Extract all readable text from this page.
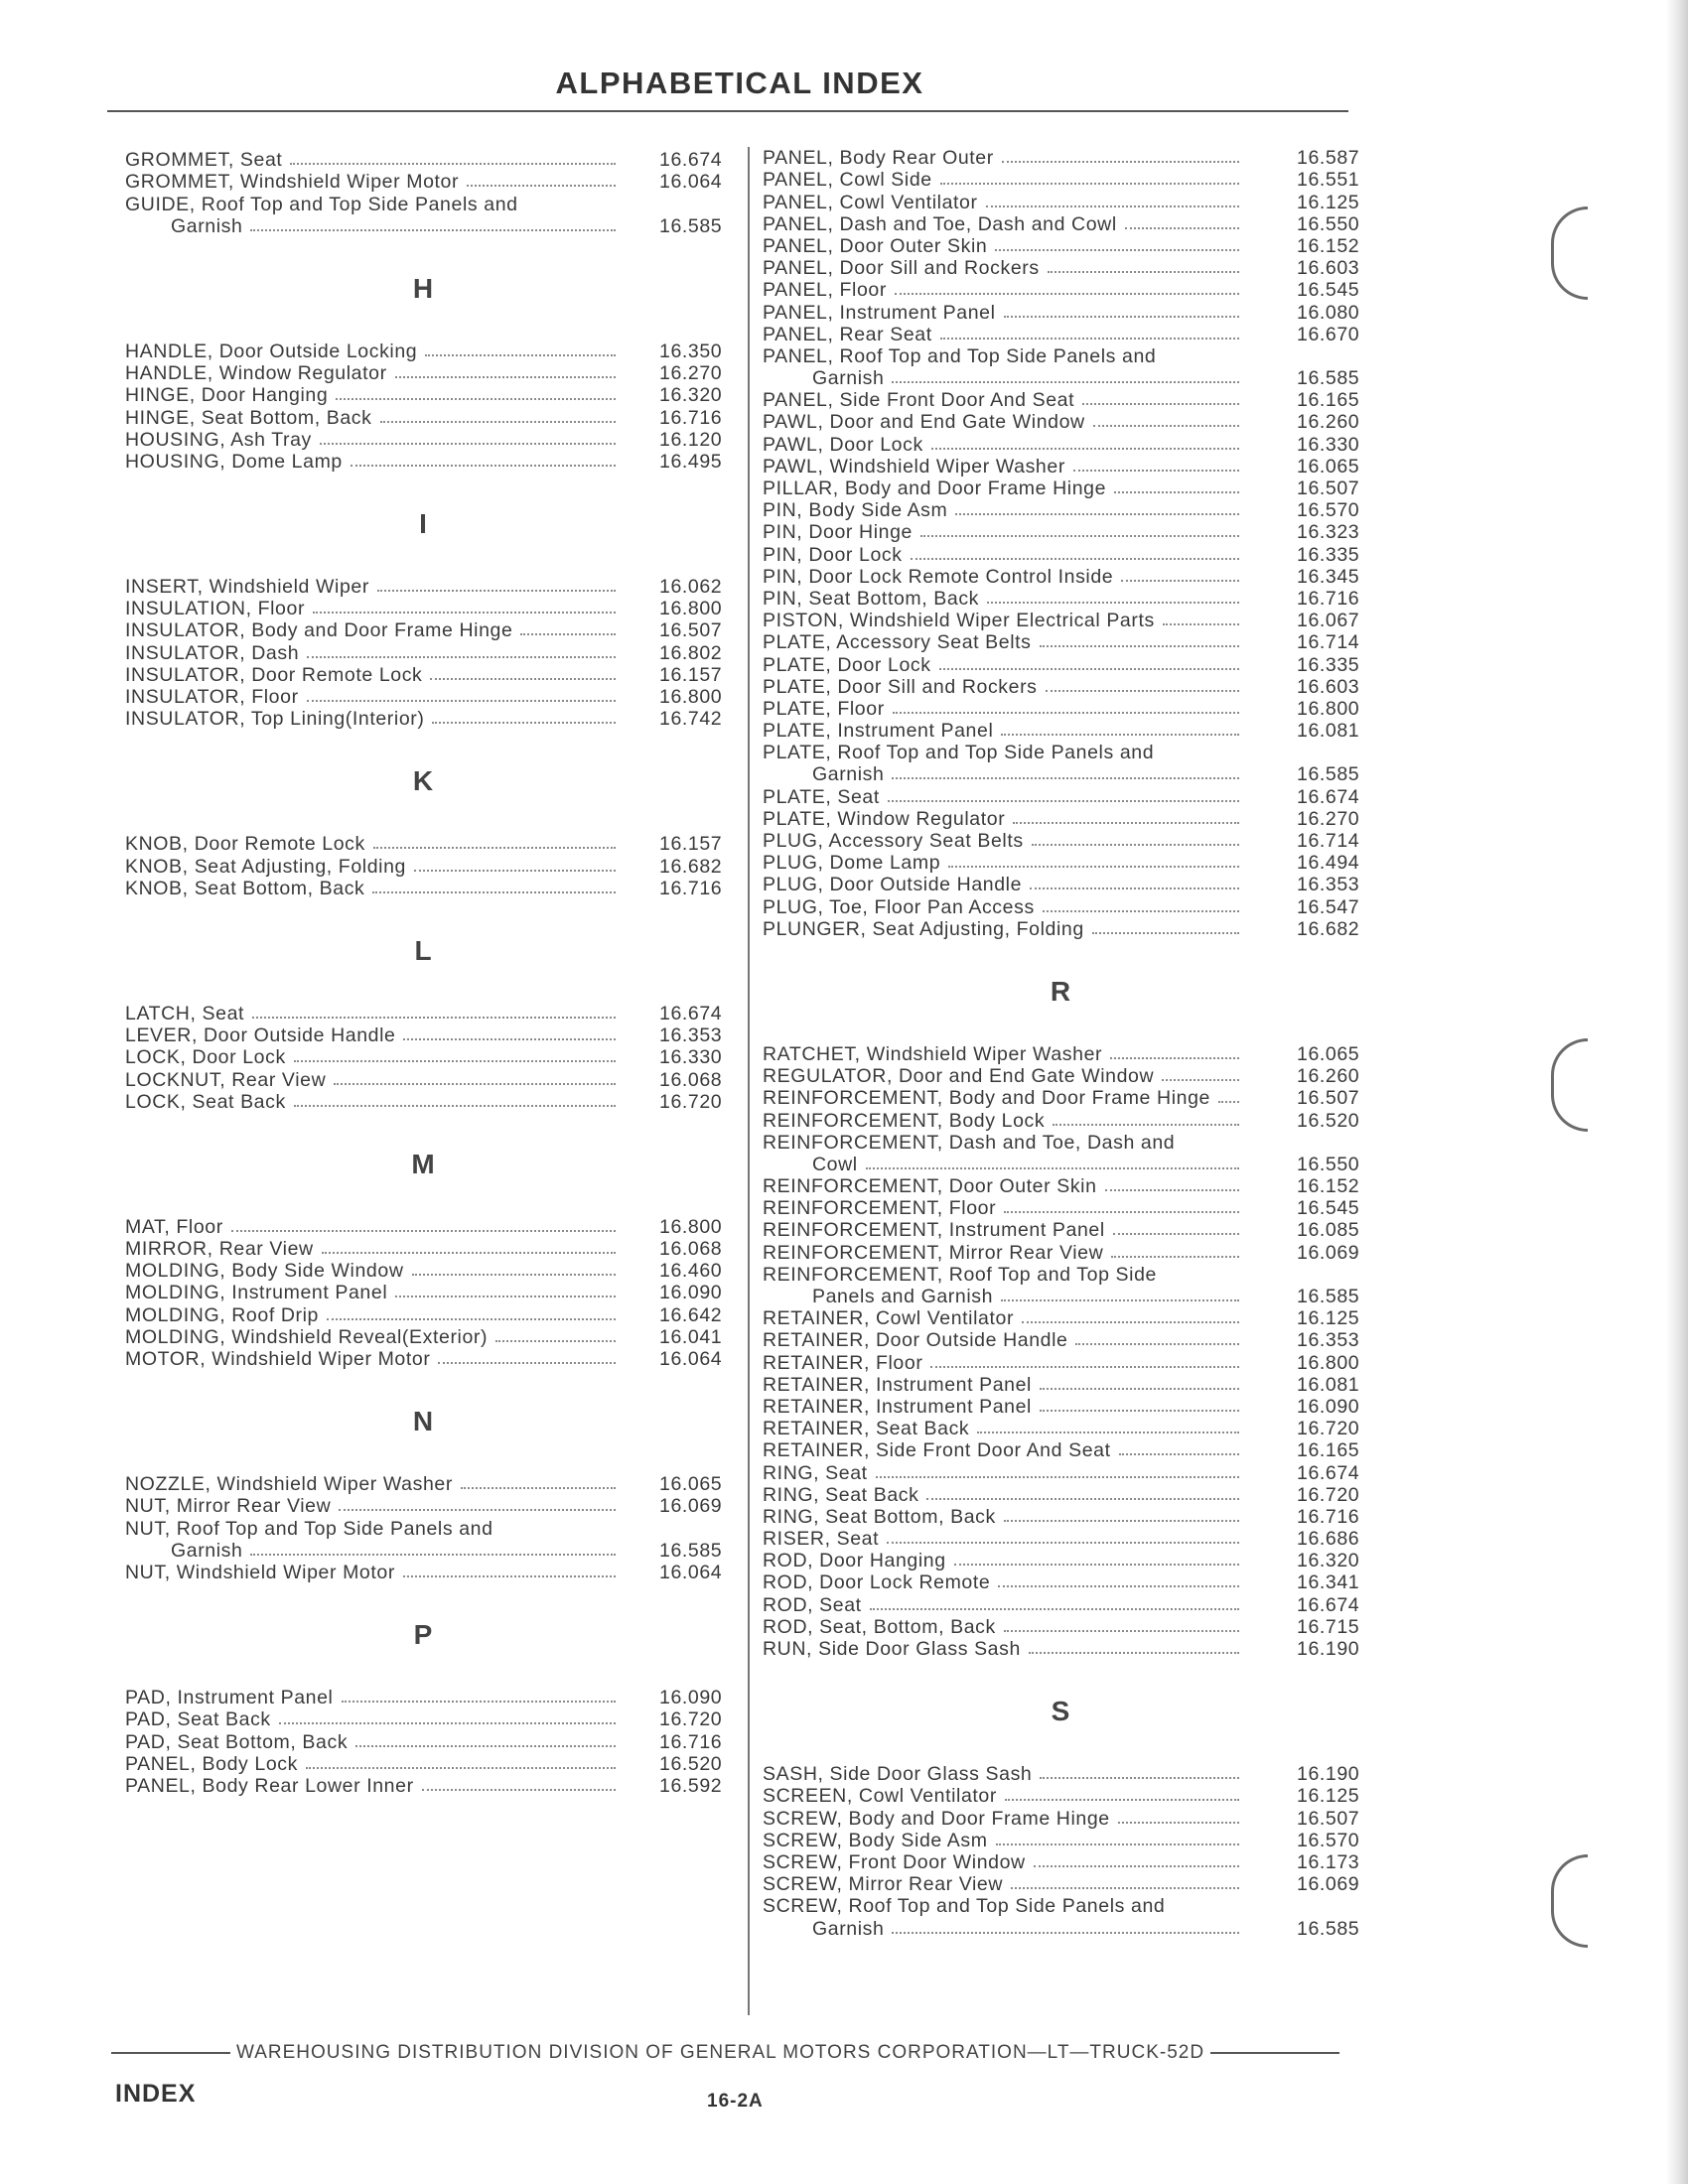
ALPHABETICAL INDEX
GROMMET, Seat	16.674
GROMMET, Windshield Wiper Motor	16.064
GUIDE, Roof Top and Top Side Panels and
Garnish	16.585
H
HANDLE, Door Outside Locking	16.350
HANDLE, Window Regulator	16.270
HINGE, Door Hanging	16.320
HINGE, Seat Bottom, Back	16.716
HOUSING, Ash Tray	16.120
HOUSING, Dome Lamp	16.495
I
INSERT, Windshield Wiper	16.062
INSULATION, Floor	16.800
INSULATOR, Body and Door Frame Hinge	16.507
INSULATOR, Dash	16.802
INSULATOR, Door Remote Lock	16.157
INSULATOR, Floor	16.800
INSULATOR, Top Lining(Interior)	16.742
K
KNOB, Door Remote Lock	16.157
KNOB, Seat Adjusting, Folding	16.682
KNOB, Seat Bottom, Back	16.716
L
LATCH, Seat	16.674
LEVER, Door Outside Handle	16.353
LOCK, Door Lock	16.330
LOCKNUT, Rear View	16.068
LOCK, Seat Back	16.720
M
MAT, Floor	16.800
MIRROR, Rear View	16.068
MOLDING, Body Side Window	16.460
MOLDING, Instrument Panel	16.090
MOLDING, Roof Drip	16.642
MOLDING, Windshield Reveal(Exterior)	16.041
MOTOR, Windshield Wiper Motor	16.064
N
NOZZLE, Windshield Wiper Washer	16.065
NUT, Mirror Rear View	16.069
NUT, Roof Top and Top Side Panels and
Garnish	16.585
NUT, Windshield Wiper Motor	16.064
P
PAD, Instrument Panel	16.090
PAD, Seat Back	16.720
PAD, Seat Bottom, Back	16.716
PANEL, Body Lock	16.520
PANEL, Body Rear Lower Inner	16.592
PANEL, Body Rear Outer	16.587
PANEL, Cowl Side	16.551
PANEL, Cowl Ventilator	16.125
PANEL, Dash and Toe, Dash and Cowl	16.550
PANEL, Door Outer Skin	16.152
PANEL, Door Sill and Rockers	16.603
PANEL, Floor	16.545
PANEL, Instrument Panel	16.080
PANEL, Rear Seat	16.670
PANEL, Roof Top and Top Side Panels and
Garnish	16.585
PANEL, Side Front Door And Seat	16.165
PAWL, Door and End Gate Window	16.260
PAWL, Door Lock	16.330
PAWL, Windshield Wiper Washer	16.065
PILLAR, Body and Door Frame Hinge	16.507
PIN, Body Side Asm	16.570
PIN, Door Hinge	16.323
PIN, Door Lock	16.335
PIN, Door Lock Remote Control Inside	16.345
PIN, Seat Bottom, Back	16.716
PISTON, Windshield Wiper Electrical Parts	16.067
PLATE, Accessory Seat Belts	16.714
PLATE, Door Lock	16.335
PLATE, Door Sill and Rockers	16.603
PLATE, Floor	16.800
PLATE, Instrument Panel	16.081
PLATE, Roof Top and Top Side Panels and
Garnish	16.585
PLATE, Seat	16.674
PLATE, Window Regulator	16.270
PLUG, Accessory Seat Belts	16.714
PLUG, Dome Lamp	16.494
PLUG, Door Outside Handle	16.353
PLUG, Toe, Floor Pan Access	16.547
PLUNGER, Seat Adjusting, Folding	16.682
R
RATCHET, Windshield Wiper Washer	16.065
REGULATOR, Door and End Gate Window	16.260
REINFORCEMENT, Body and Door Frame Hinge	16.507
REINFORCEMENT, Body Lock	16.520
REINFORCEMENT, Dash and Toe, Dash and
Cowl	16.550
REINFORCEMENT, Door Outer Skin	16.152
REINFORCEMENT, Floor	16.545
REINFORCEMENT, Instrument Panel	16.085
REINFORCEMENT, Mirror Rear View	16.069
REINFORCEMENT, Roof Top and Top Side
Panels and Garnish	16.585
RETAINER, Cowl Ventilator	16.125
RETAINER, Door Outside Handle	16.353
RETAINER, Floor	16.800
RETAINER, Instrument Panel	16.081
RETAINER, Instrument Panel	16.090
RETAINER, Seat Back	16.720
RETAINER, Side Front Door And Seat	16.165
RING, Seat	16.674
RING, Seat Back	16.720
RING, Seat Bottom, Back	16.716
RISER, Seat	16.686
ROD, Door Hanging	16.320
ROD, Door Lock Remote	16.341
ROD, Seat	16.674
ROD, Seat, Bottom, Back	16.715
RUN, Side Door Glass Sash	16.190
S
SASH, Side Door Glass Sash	16.190
SCREEN, Cowl Ventilator	16.125
SCREW, Body and Door Frame Hinge	16.507
SCREW, Body Side Asm	16.570
SCREW, Front Door Window	16.173
SCREW, Mirror Rear View	16.069
SCREW, Roof Top and Top Side Panels and
Garnish	16.585
WAREHOUSING DISTRIBUTION DIVISION OF GENERAL MOTORS CORPORATION—LT—TRUCK-52D
INDEX	16-2A
